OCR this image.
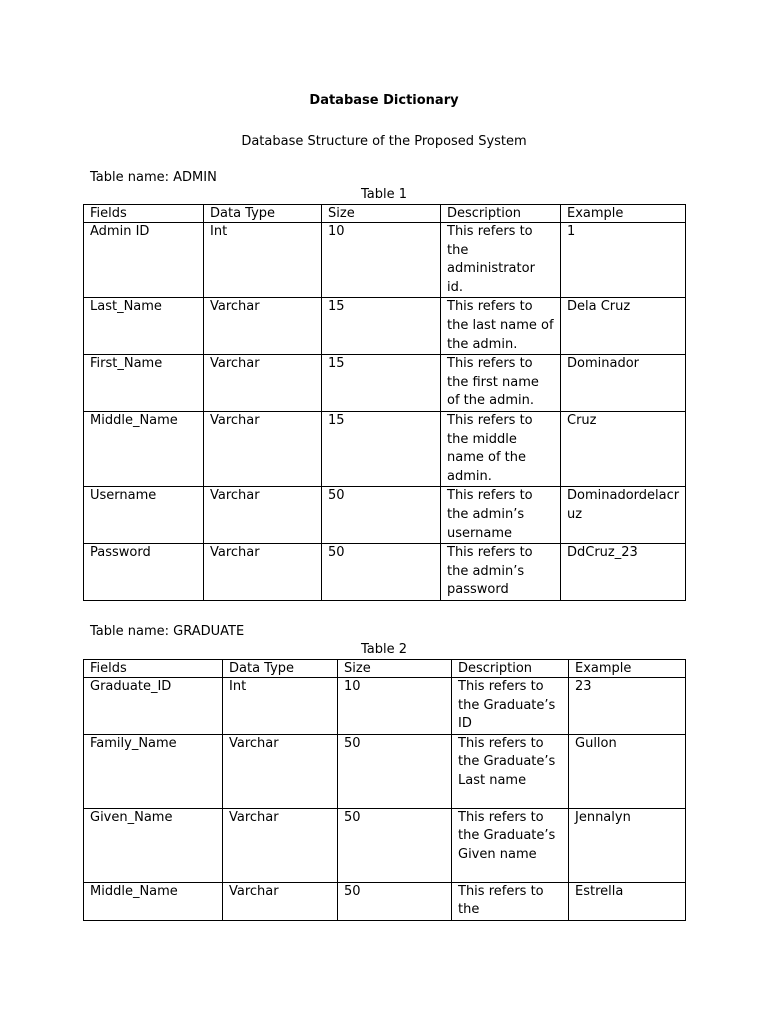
Database Dictionary
Database Structure of the Proposed System
Table name: ADMIN
Table 1
Fields	Data Type	Size	Description	Example
Admin ID	Int	10	This refers to the administrator id.	1
Last_Name	Varchar	15	This refers to the last name of the admin.	Dela Cruz
First_Name	Varchar	15	This refers to the first name of the admin.	Dominador
Middle_Name	Varchar	15	This refers to the middle name of the admin.	Cruz
Username	Varchar	50	This refers to the admin’s username	Dominadordelacruz
Password	Varchar	50	This refers to the admin’s password	DdCruz_23
Table name: GRADUATE
Table 2
Fields	Data Type	Size	Description	Example
Graduate_ID	Int	10	This refers to the Graduate’s ID	23
Family_Name	Varchar	50	This refers to the Graduate’s Last name	Gullon
Given_Name	Varchar	50	This refers to the Graduate’s Given name	Jennalyn
Middle_Name	Varchar	50	This refers to the	Estrella
